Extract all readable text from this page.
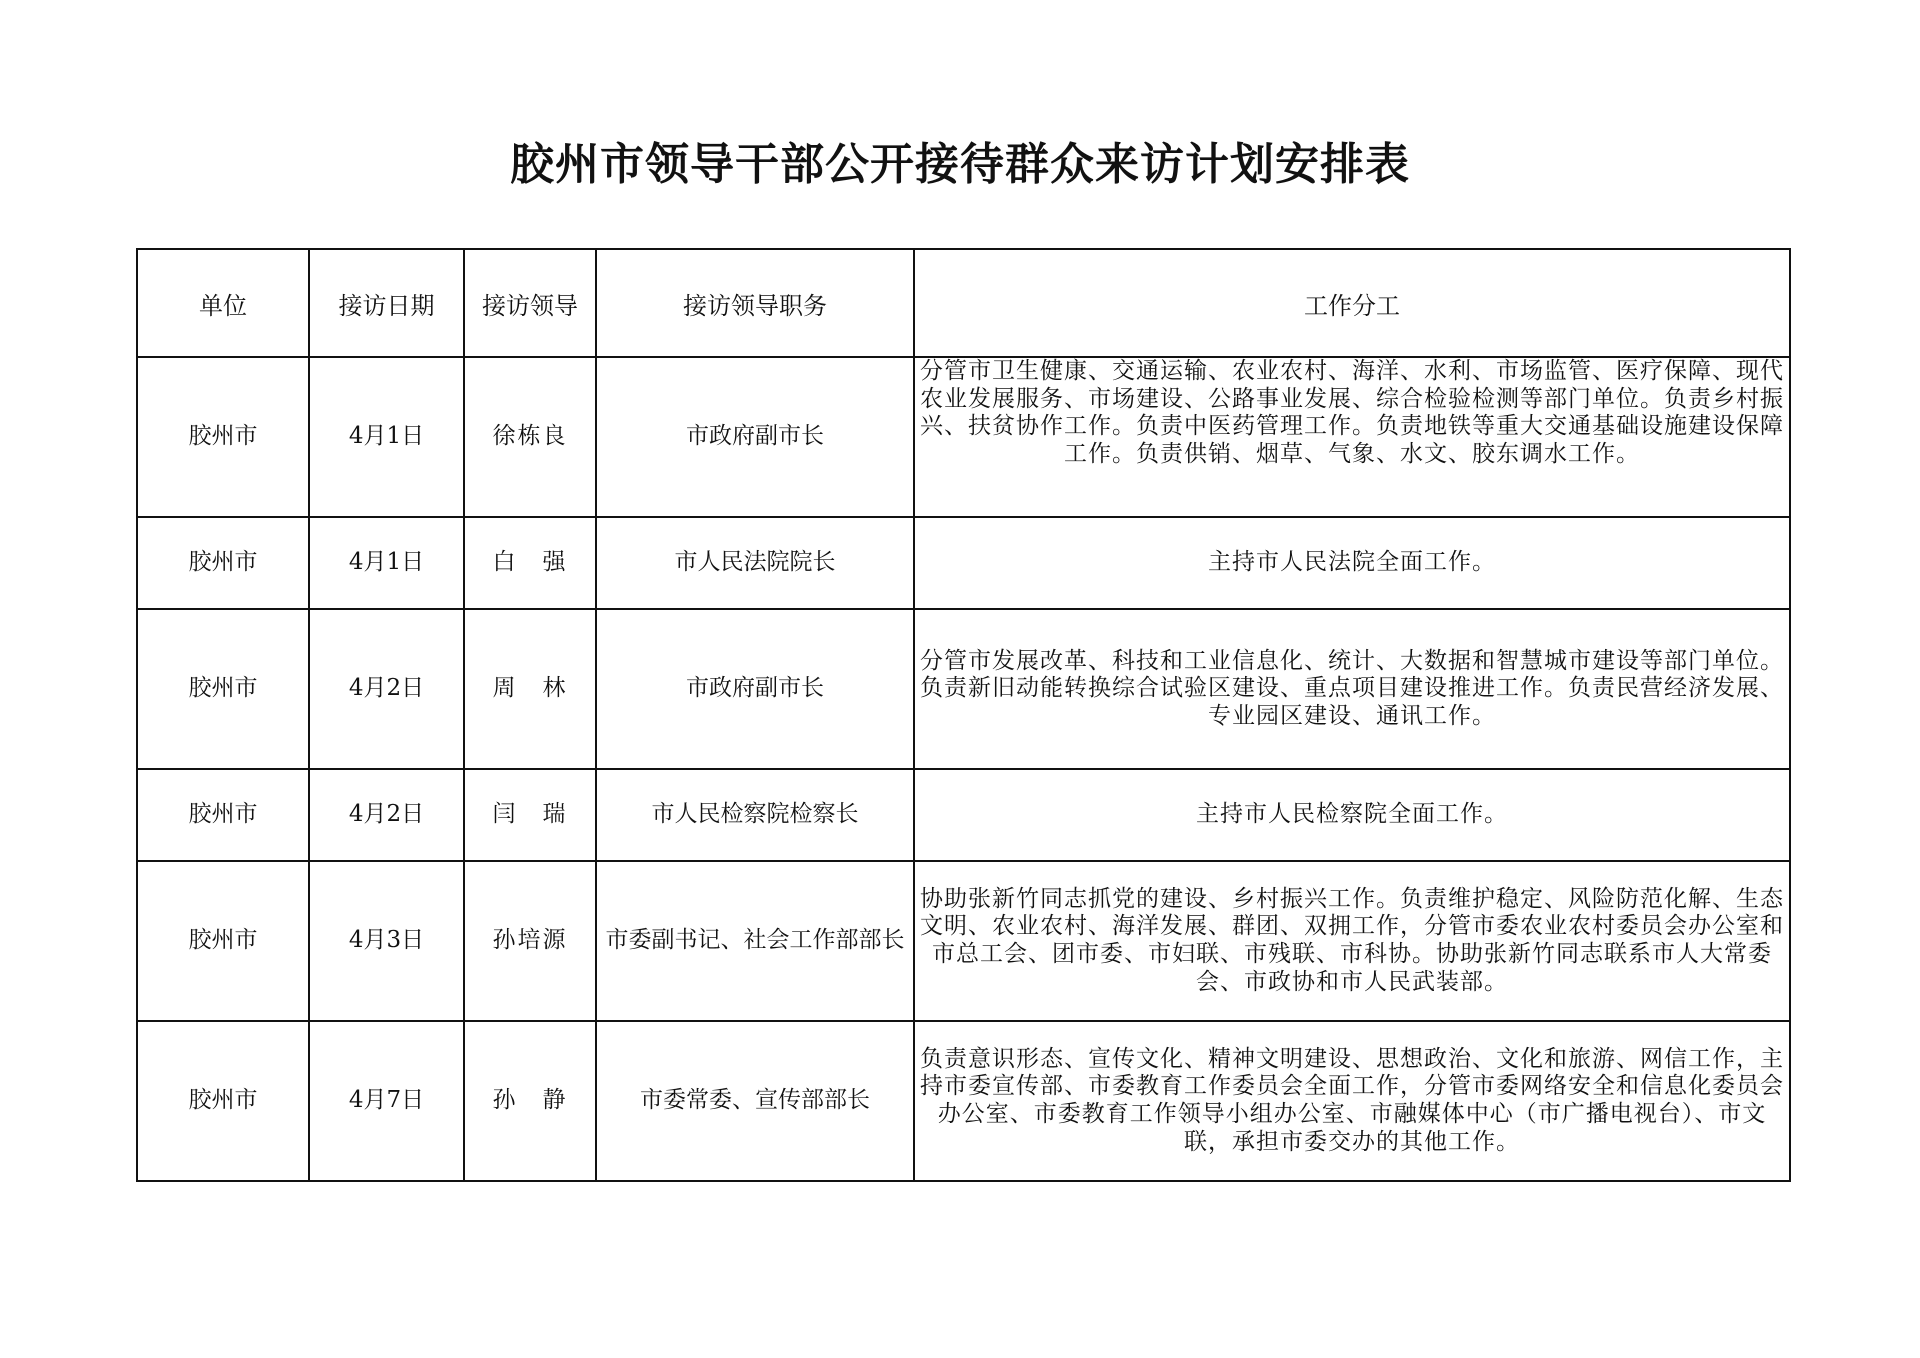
胶州市领导干部公开接待群众来访计划安排表
单位	接访日期	接访领导	接访领导职务	工作分工
胶州市	4月1日	徐栋良	市政府副市长	分管市卫生健康、交通运输、农业农村、海洋、水利、市场监管、医疗保障、现代农业发展服务、市场建设、公路事业发展、综合检验检测等部门单位。负责乡村振兴、扶贫协作工作。负责中医药管理工作。负责地铁等重大交通基础设施建设保障工作。负责供销、烟草、气象、水文、胶东调水工作。
胶州市	4月1日	白　强	市人民法院院长	主持市人民法院全面工作。
胶州市	4月2日	周　林	市政府副市长	分管市发展改革、科技和工业信息化、统计、大数据和智慧城市建设等部门单位。负责新旧动能转换综合试验区建设、重点项目建设推进工作。负责民营经济发展、专业园区建设、通讯工作。
胶州市	4月2日	闫　瑞	市人民检察院检察长	主持市人民检察院全面工作。
胶州市	4月3日	孙培源	市委副书记、社会工作部部长	协助张新竹同志抓党的建设、乡村振兴工作。负责维护稳定、风险防范化解、生态文明、农业农村、海洋发展、群团、双拥工作，分管市委农业农村委员会办公室和市总工会、团市委、市妇联、市残联、市科协。协助张新竹同志联系市人大常委会、市政协和市人民武装部。
胶州市	4月7日	孙　静	市委常委、宣传部部长	负责意识形态、宣传文化、精神文明建设、思想政治、文化和旅游、网信工作，主持市委宣传部、市委教育工作委员会全面工作，分管市委网络安全和信息化委员会办公室、市委教育工作领导小组办公室、市融媒体中心（市广播电视台）、市文联，承担市委交办的其他工作。
